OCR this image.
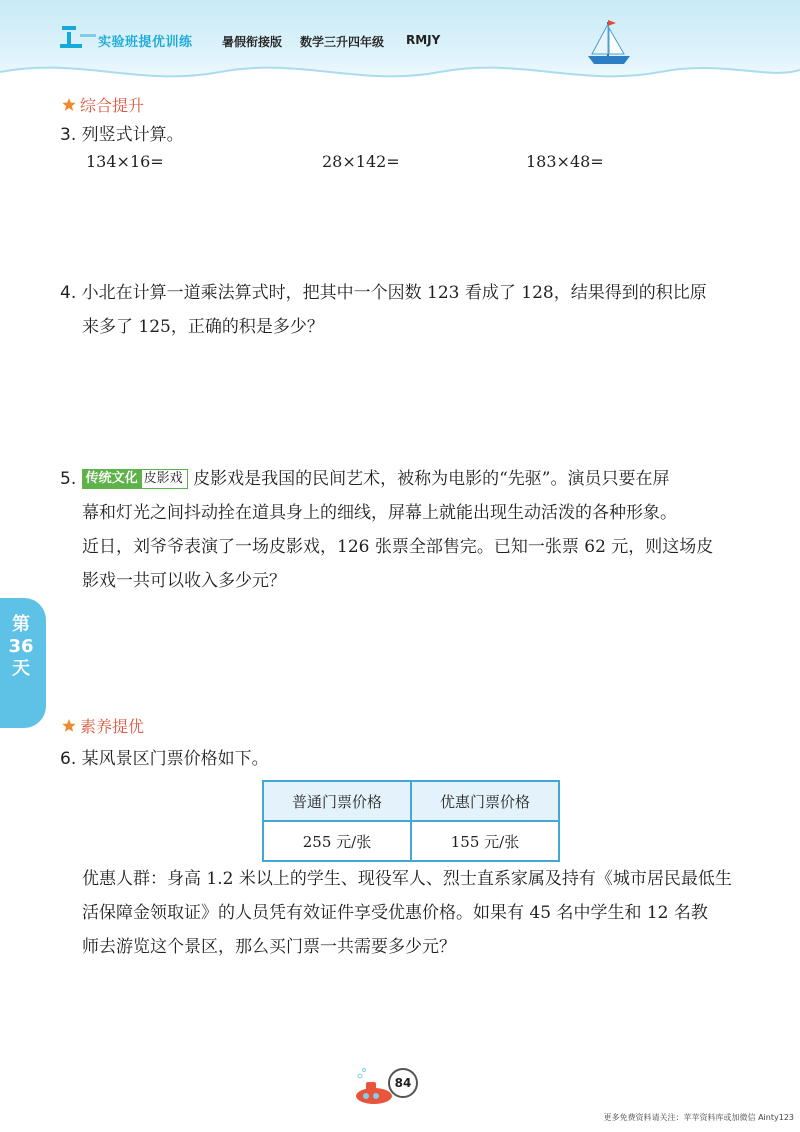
实验班提优训练 暑假衔接版 数学三升四年级 RMJY
综合提升
3. 列竖式计算。
134×16=	28×142=	183×48=
4. 小北在计算一道乘法算式时，把其中一个因数 123 看成了 128，结果得到的积比原
来多了 125，正确的积是多少？
5. 传统文化 皮影戏 皮影戏是我国的民间艺术，被称为电影的“先驱”。演员只要在屏
幕和灯光之间抖动拴在道具身上的细线，屏幕上就能出现生动活泼的各种形象。
近日，刘爷爷表演了一场皮影戏，126 张票全部售完。已知一张票 62 元，则这场皮
影戏一共可以收入多少元？
第
36
天
素养提优
6. 某风景区门票价格如下。
普通门票价格	优惠门票价格
255 元/张	155 元/张
优惠人群：身高 1.2 米以上的学生、现役军人、烈士直系家属及持有《城市居民最低生
活保障金领取证》的人员凭有效证件享受优惠价格。如果有 45 名中学生和 12 名教
师去游览这个景区，那么买门票一共需要多少元？
84
更多免费资料请关注：苹苹资料库或加微信 Ainty123
